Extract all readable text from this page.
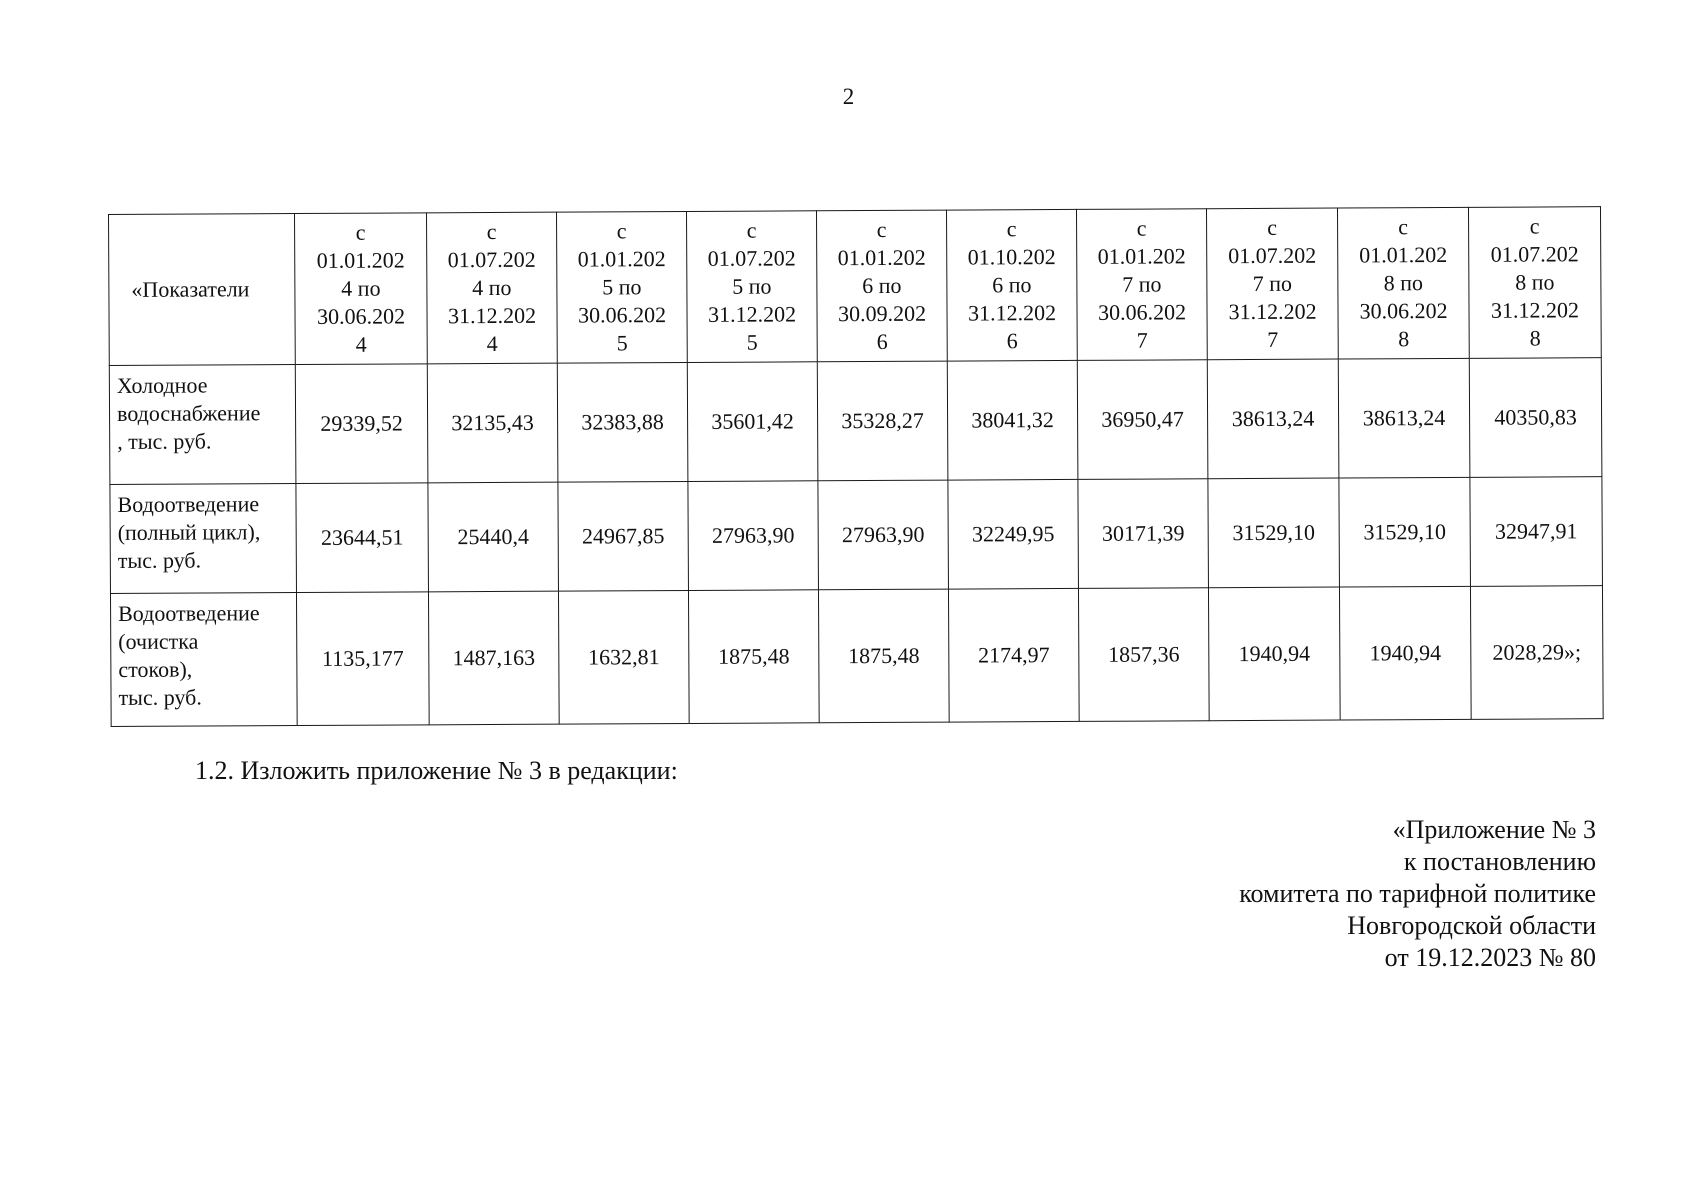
2
«Показатели	с
01.01.202
4 по
30.06.202
4	с
01.07.202
4 по
31.12.202
4	с
01.01.202
5 по
30.06.202
5	с
01.07.202
5 по
31.12.202
5	с
01.01.202
6 по
30.09.202
6	с
01.10.202
6 по
31.12.202
6	с
01.01.202
7 по
30.06.202
7	с
01.07.202
7 по
31.12.202
7	с
01.01.202
8 по
30.06.202
8	с
01.07.202
8 по
31.12.202
8

Холодное
водоснабжение
, тыс. руб.	29339,52	32135,43	32383,88	35601,42	35328,27	38041,32	36950,47	38613,24	38613,24	40350,83

Водоотведение
(полный цикл),
тыс. руб.	23644,51	25440,4	24967,85	27963,90	27963,90	32249,95	30171,39	31529,10	31529,10	32947,91

Водоотведение
(очистка
стоков),
тыс. руб.	1135,177	1487,163	1632,81	1875,48	1875,48	2174,97	1857,36	1940,94	1940,94	2028,29»;
1.2. Изложить приложение № 3 в редакции:
«Приложение № 3
к постановлению
комитета по тарифной политике
Новгородской области
от 19.12.2023 № 80
